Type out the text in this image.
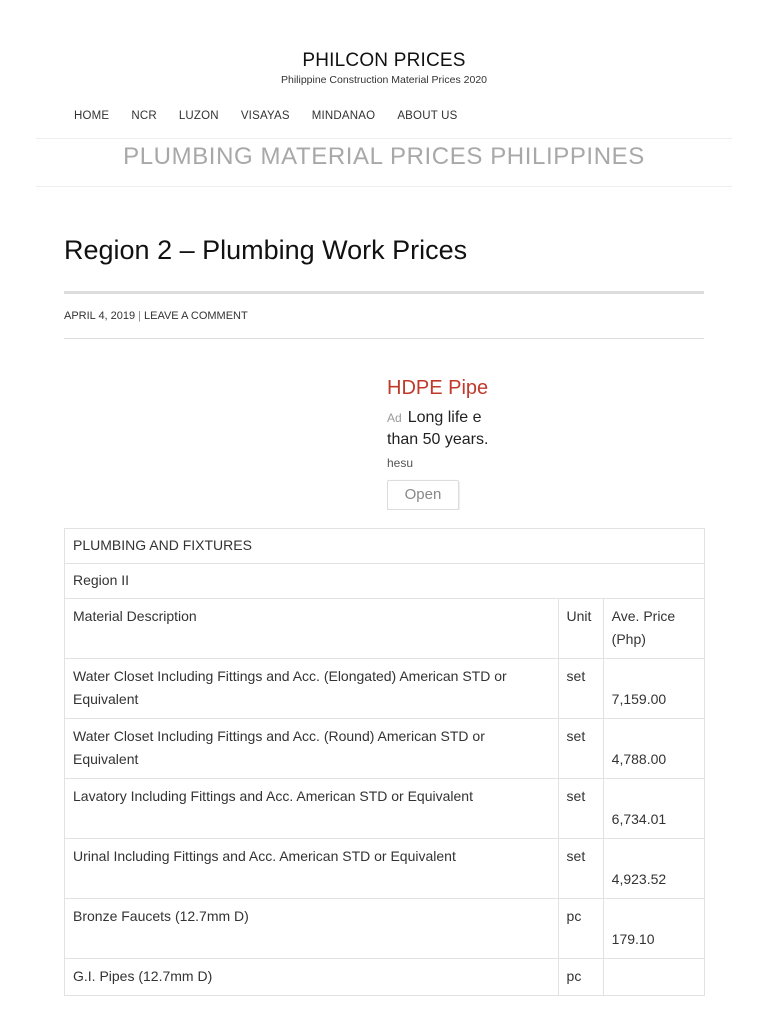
PHILCON PRICES
Philippine Construction Material Prices 2020
HOME NCR LUZON VISAYAS MINDANAO ABOUT US
PLUMBING MATERIAL PRICES PHILIPPINES
Region 2 – Plumbing Work Prices
APRIL 4, 2019 | LEAVE A COMMENT
HDPE Pipe
Ad Long life e
than 50 years.
hesu
Open
PLUMBING AND FIXTURES		
Region II		
Material Description	Unit	Ave. Price (Php)
Water Closet Including Fittings and Acc. (Elongated) American STD or Equivalent	set	7,159.00

Water Closet Including Fittings and Acc. (Round) American STD or Equivalent	set	4,788.00

Lavatory Including Fittings and Acc. American STD or Equivalent	set	6,734.01

Urinal Including Fittings and Acc. American STD or Equivalent	set	4,923.52

Bronze Faucets (12.7mm D)	pc	179.10

G.I. Pipes (12.7mm D)	pc	
